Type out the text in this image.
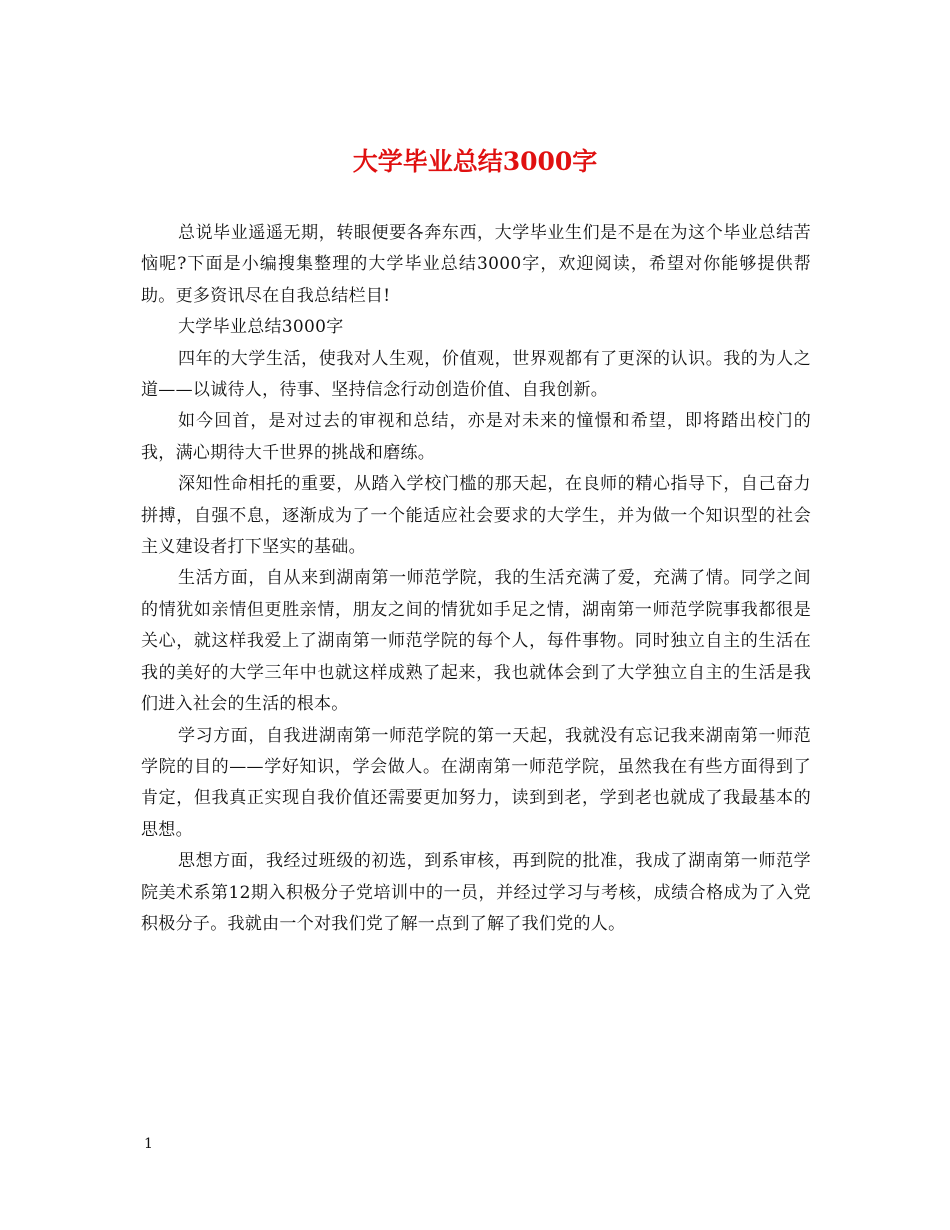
大学毕业总结3000字

总说毕业遥遥无期，转眼便要各奔东西，大学毕业生们是不是在为这个毕业总结苦恼呢?下面是小编搜集整理的大学毕业总结3000字，欢迎阅读，希望对你能够提供帮助。更多资讯尽在自我总结栏目!

大学毕业总结3000字

四年的大学生活，使我对人生观，价值观，世界观都有了更深的认识。我的为人之道——以诚待人，待事、坚持信念行动创造价值、自我创新。

如今回首，是对过去的审视和总结，亦是对未来的憧憬和希望，即将踏出校门的我，满心期待大千世界的挑战和磨练。

深知性命相托的重要，从踏入学校门槛的那天起，在良师的精心指导下，自己奋力拼搏，自强不息，逐渐成为了一个能适应社会要求的大学生，并为做一个知识型的社会主义建设者打下坚实的基础。

生活方面，自从来到湖南第一师范学院，我的生活充满了爱，充满了情。同学之间的情犹如亲情但更胜亲情，朋友之间的情犹如手足之情，湖南第一师范学院事我都很是关心，就这样我爱上了湖南第一师范学院的每个人，每件事物。同时独立自主的生活在我的美好的大学三年中也就这样成熟了起来，我也就体会到了大学独立自主的生活是我们进入社会的生活的根本。

学习方面，自我进湖南第一师范学院的第一天起，我就没有忘记我来湖南第一师范学院的目的——学好知识，学会做人。在湖南第一师范学院，虽然我在有些方面得到了肯定，但我真正实现自我价值还需要更加努力，读到到老，学到老也就成了我最基本的思想。

思想方面，我经过班级的初选，到系审核，再到院的批准，我成了湖南第一师范学院美术系第12期入积极分子党培训中的一员，并经过学习与考核，成绩合格成为了入党积极分子。我就由一个对我们党了解一点到了解了我们党的人。

1
